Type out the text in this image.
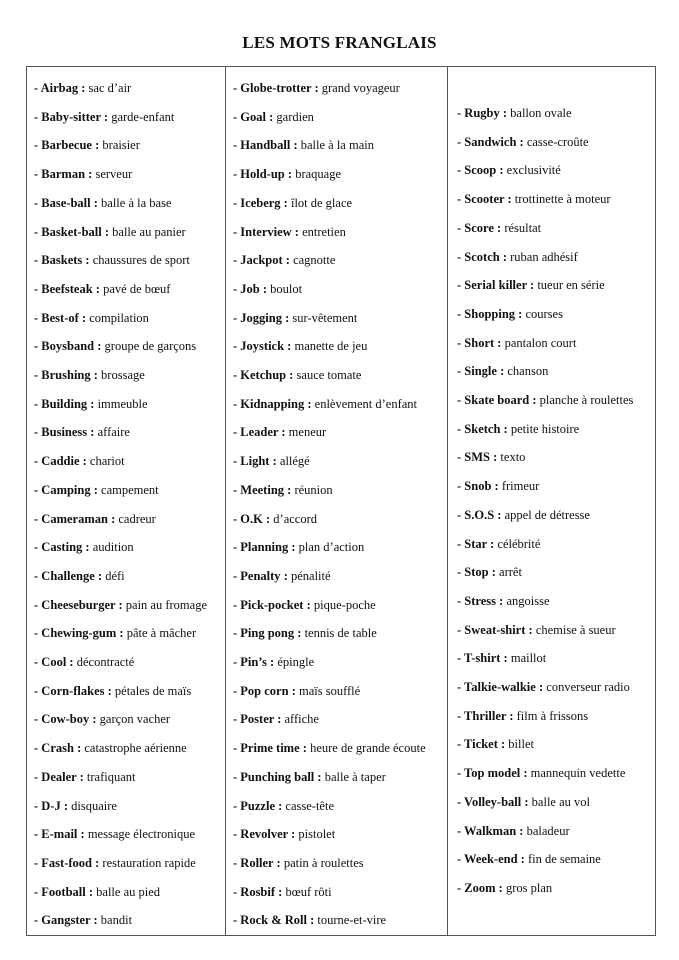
LES MOTS FRANGLAIS
- Airbag : sac d’air
- Baby-sitter : garde-enfant
- Barbecue : braisier
- Barman : serveur
- Base-ball : balle à la base
- Basket-ball : balle au panier
- Baskets : chaussures de sport
- Beefsteak : pavé de bœuf
- Best-of : compilation
- Boysband : groupe de garçons
- Brushing : brossage
- Building : immeuble
- Business : affaire
- Caddie : chariot
- Camping : campement
- Cameraman : cadreur
- Casting : audition
- Challenge : défi
- Cheeseburger : pain au fromage
- Chewing-gum : pâte à mâcher
- Cool : décontracté
- Corn-flakes : pétales de maïs
- Cow-boy : garçon vacher
- Crash : catastrophe aérienne
- Dealer : trafiquant
- D-J : disquaire
- E-mail : message électronique
- Fast-food : restauration rapide
- Football : balle au pied
- Gangster : bandit
- Globe-trotter : grand voyageur
- Goal : gardien
- Handball : balle à la main
- Hold-up : braquage
- Iceberg : îlot de glace
- Interview : entretien
- Jackpot : cagnotte
- Job : boulot
- Jogging : sur-vêtement
- Joystick : manette de jeu
- Ketchup : sauce tomate
- Kidnapping : enlèvement d’enfant
- Leader : meneur
- Light : allégé
- Meeting : réunion
- O.K : d’accord
- Planning : plan d’action
- Penalty : pénalité
- Pick-pocket : pique-poche
- Ping pong : tennis de table
- Pin’s : épingle
- Pop corn : maïs soufflé
- Poster : affiche
- Prime time : heure de grande écoute
- Punching ball : balle à taper
- Puzzle : casse-tête
- Revolver : pistolet
- Roller : patin à roulettes
- Rosbif : bœuf rôti
- Rock & Roll : tourne-et-vire
- Rugby : ballon ovale
- Sandwich : casse-croûte
- Scoop : exclusivité
- Scooter : trottinette à moteur
- Score : résultat
- Scotch : ruban adhésif
- Serial killer : tueur en série
- Shopping : courses
- Short : pantalon court
- Single : chanson
- Skate board : planche à roulettes
- Sketch : petite histoire
- SMS : texto
- Snob : frimeur
- S.O.S : appel de détresse
- Star : célébrité
- Stop : arrêt
- Stress : angoisse
- Sweat-shirt : chemise à sueur
- T-shirt : maillot
- Talkie-walkie : converseur radio
- Thriller : film à frissons
- Ticket : billet
- Top model : mannequin vedette
- Volley-ball : balle au vol
- Walkman : baladeur
- Week-end : fin de semaine
- Zoom : gros plan
